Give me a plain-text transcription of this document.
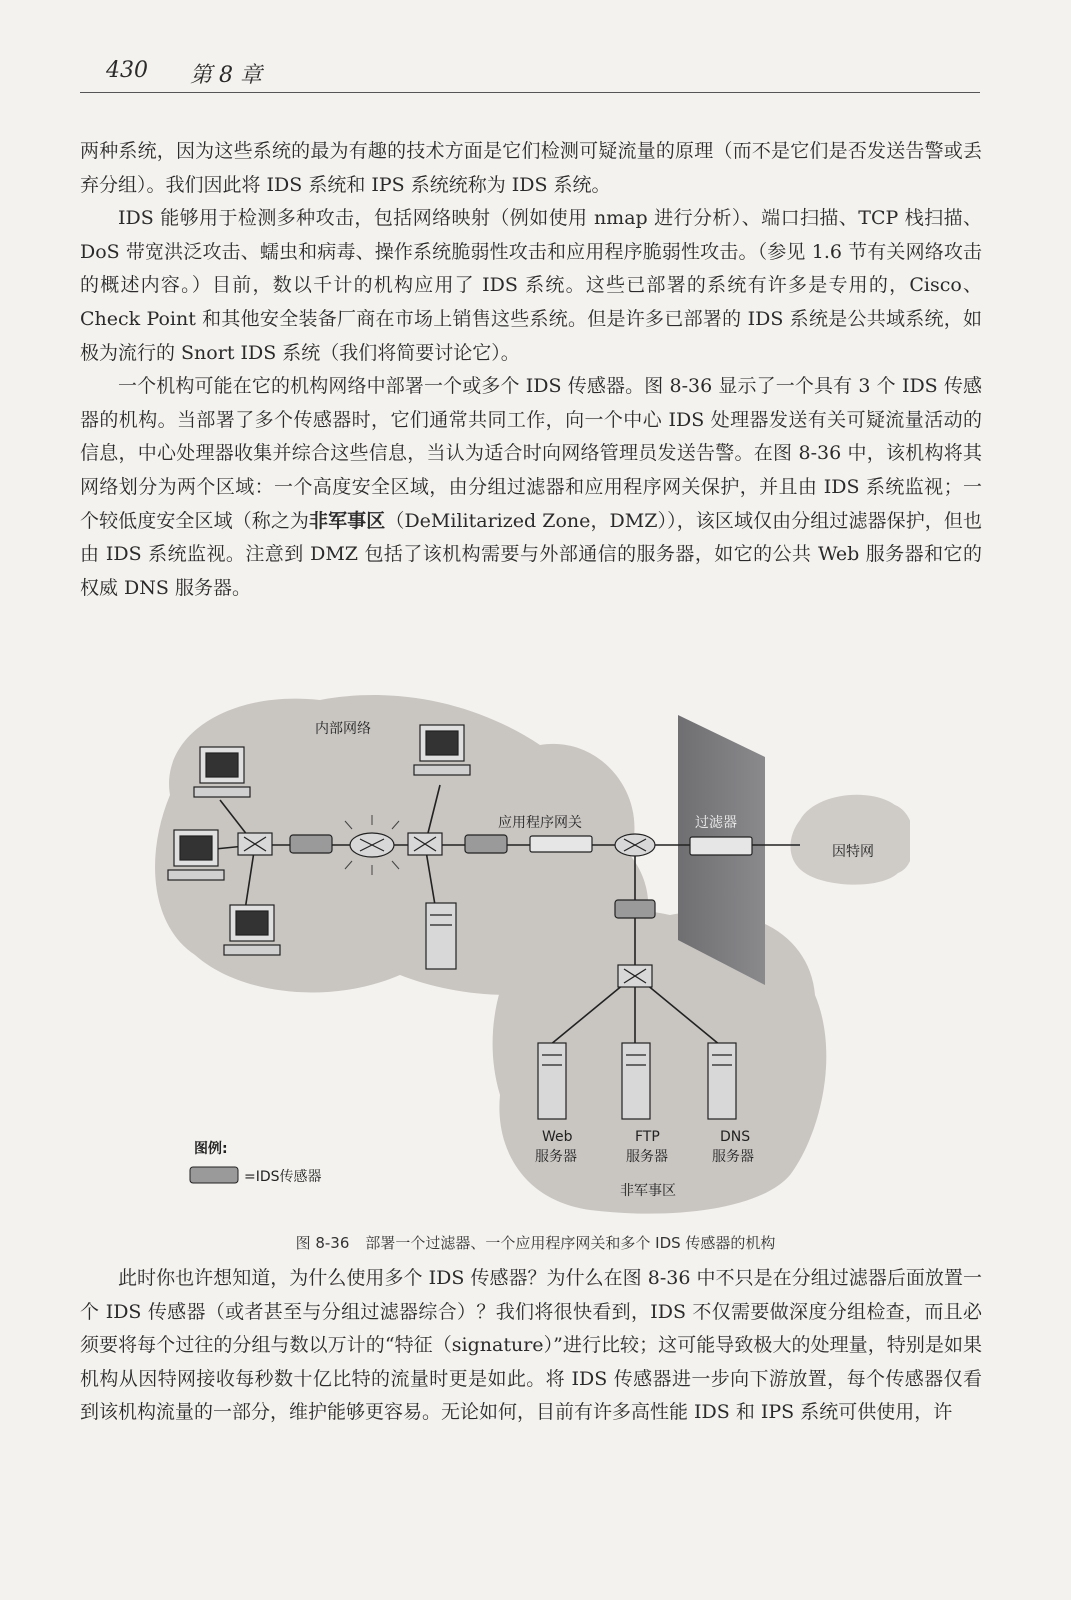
430 第 8 章

两种系统，因为这些系统的最为有趣的技术方面是它们检测可疑流量的原理（而不是它们是否发送告警或丢弃分组）。我们因此将 IDS 系统和 IPS 系统统称为 IDS 系统。

IDS 能够用于检测多种攻击，包括网络映射（例如使用 nmap 进行分析）、端口扫描、TCP 栈扫描、DoS 带宽洪泛攻击、蠕虫和病毒、操作系统脆弱性攻击和应用程序脆弱性攻击。（参见 1.6 节有关网络攻击的概述内容。）目前，数以千计的机构应用了 IDS 系统。这些已部署的系统有许多是专用的，Cisco、Check Point 和其他安全装备厂商在市场上销售这些系统。但是许多已部署的 IDS 系统是公共域系统，如极为流行的 Snort IDS 系统（我们将简要讨论它）。

一个机构可能在它的机构网络中部署一个或多个 IDS 传感器。图 8-36 显示了一个具有 3 个 IDS 传感器的机构。当部署了多个传感器时，它们通常共同工作，向一个中心 IDS 处理器发送有关可疑流量活动的信息，中心处理器收集并综合这些信息，当认为适合时向网络管理员发送告警。在图 8-36 中，该机构将其网络划分为两个区域：一个高度安全区域，由分组过滤器和应用程序网关保护，并且由 IDS 系统监视；一个较低度安全区域（称之为非军事区（DeMilitarized Zone，DMZ）），该区域仅由分组过滤器保护，但也由 IDS 系统监视。注意到 DMZ 包括了该机构需要与外部通信的服务器，如它的公共 Web 服务器和它的权威 DNS 服务器。

内部网络
应用程序网关	过滤器
因特网
图例:
=IDS传感器
Web
服务器
FTP
服务器
DNS
服务器
非军事区
图 8-36 部署一个过滤器、一个应用程序网关和多个 IDS 传感器的机构

此时你也许想知道，为什么使用多个 IDS 传感器？为什么在图 8-36 中不只是在分组过滤器后面放置一个 IDS 传感器（或者甚至与分组过滤器综合）？我们将很快看到，IDS 不仅需要做深度分组检查，而且必须要将每个过往的分组与数以万计的“特征（signature）”进行比较；这可能导致极大的处理量，特别是如果机构从因特网接收每秒数十亿比特的流量时更是如此。将 IDS 传感器进一步向下游放置，每个传感器仅看到该机构流量的一部分，维护能够更容易。无论如何，目前有许多高性能 IDS 和 IPS 系统可供使用，许
